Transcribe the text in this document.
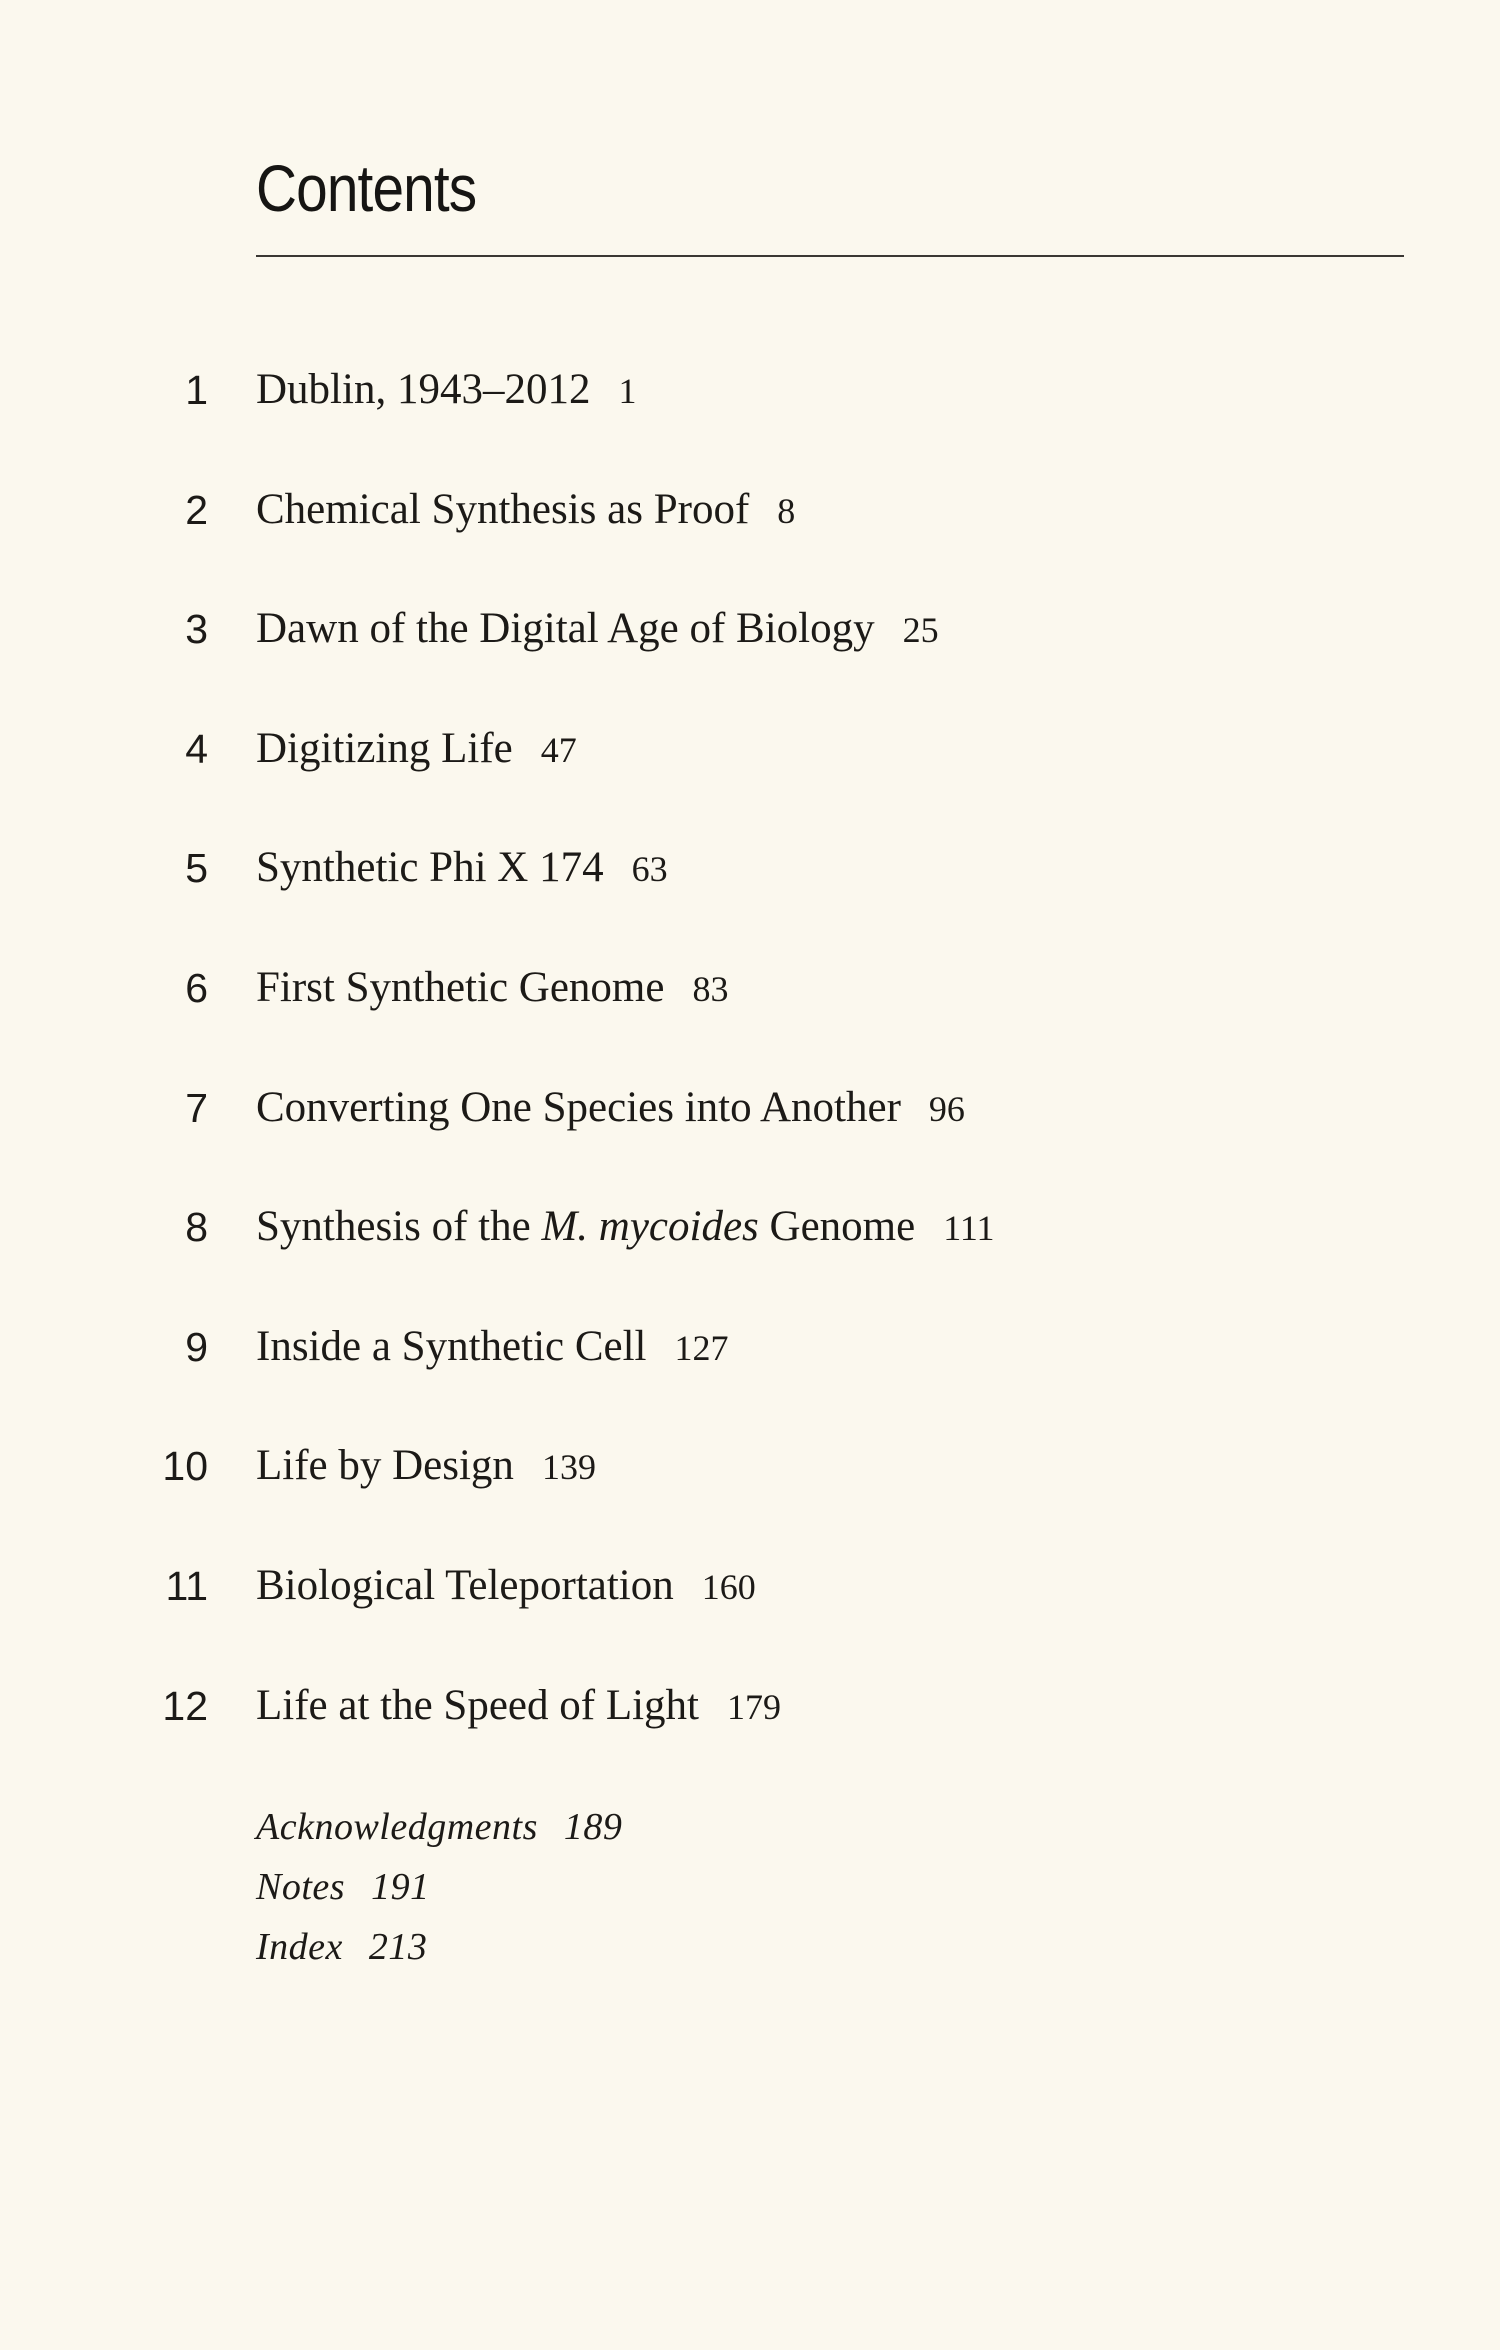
Contents
1 Dublin, 1943–2012 1
2 Chemical Synthesis as Proof 8
3 Dawn of the Digital Age of Biology 25
4 Digitizing Life 47
5 Synthetic Phi X 174 63
6 First Synthetic Genome 83
7 Converting One Species into Another 96
8 Synthesis of the M. mycoides Genome 111
9 Inside a Synthetic Cell 127
10 Life by Design 139
11 Biological Teleportation 160
12 Life at the Speed of Light 179
Acknowledgments 189
Notes 191
Index 213
